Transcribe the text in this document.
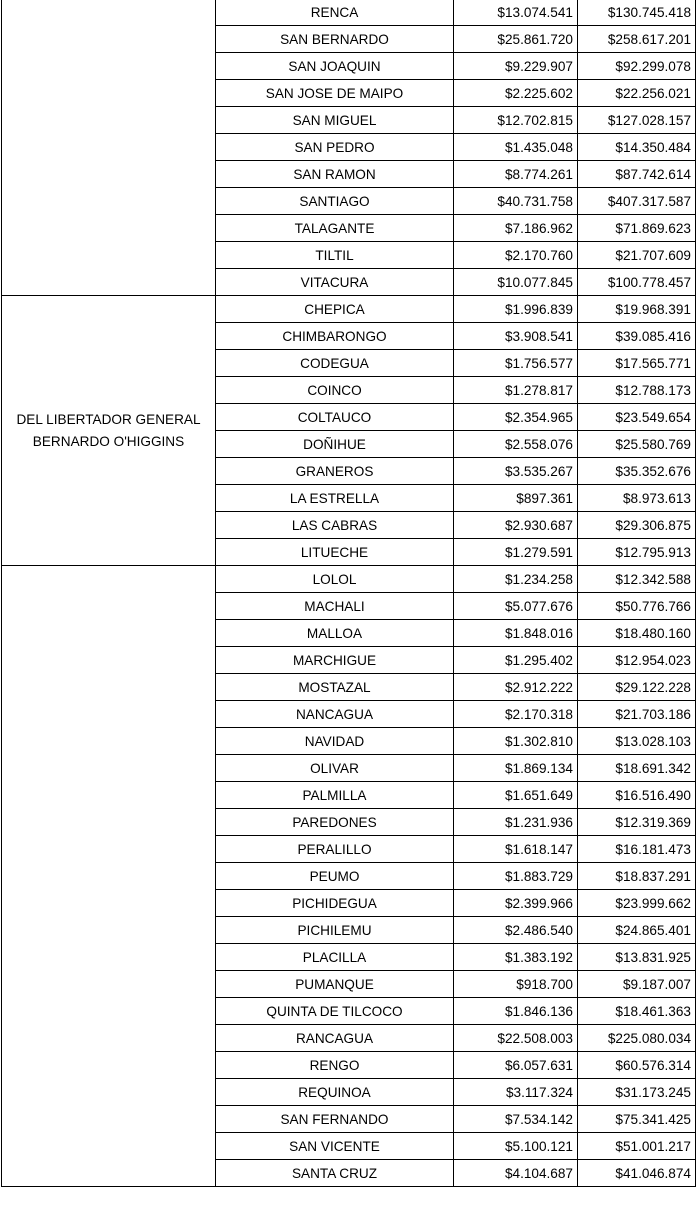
	RENCA	$13.074.541	$130.745.418
	SAN BERNARDO	$25.861.720	$258.617.201
	SAN JOAQUIN	$9.229.907	$92.299.078
	SAN JOSE DE MAIPO	$2.225.602	$22.256.021
	SAN MIGUEL	$12.702.815	$127.028.157
	SAN PEDRO	$1.435.048	$14.350.484
	SAN RAMON	$8.774.261	$87.742.614
	SANTIAGO	$40.731.758	$407.317.587
	TALAGANTE	$7.186.962	$71.869.623
	TILTIL	$2.170.760	$21.707.609
	VITACURA	$10.077.845	$100.778.457
DEL LIBERTADOR GENERAL BERNARDO O'HIGGINS	CHEPICA	$1.996.839	$19.968.391
	CHIMBARONGO	$3.908.541	$39.085.416
	CODEGUA	$1.756.577	$17.565.771
	COINCO	$1.278.817	$12.788.173
	COLTAUCO	$2.354.965	$23.549.654
	DOÑIHUE	$2.558.076	$25.580.769
	GRANEROS	$3.535.267	$35.352.676
	LA ESTRELLA	$897.361	$8.973.613
	LAS CABRAS	$2.930.687	$29.306.875
	LITUECHE	$1.279.591	$12.795.913
	LOLOL	$1.234.258	$12.342.588
	MACHALI	$5.077.676	$50.776.766
	MALLOA	$1.848.016	$18.480.160
	MARCHIGUE	$1.295.402	$12.954.023
	MOSTAZAL	$2.912.222	$29.122.228
	NANCAGUA	$2.170.318	$21.703.186
	NAVIDAD	$1.302.810	$13.028.103
	OLIVAR	$1.869.134	$18.691.342
	PALMILLA	$1.651.649	$16.516.490
	PAREDONES	$1.231.936	$12.319.369
	PERALILLO	$1.618.147	$16.181.473
	PEUMO	$1.883.729	$18.837.291
	PICHIDEGUA	$2.399.966	$23.999.662
	PICHILEMU	$2.486.540	$24.865.401
	PLACILLA	$1.383.192	$13.831.925
	PUMANQUE	$918.700	$9.187.007
	QUINTA DE TILCOCO	$1.846.136	$18.461.363
	RANCAGUA	$22.508.003	$225.080.034
	RENGO	$6.057.631	$60.576.314
	REQUINOA	$3.117.324	$31.173.245
	SAN FERNANDO	$7.534.142	$75.341.425
	SAN VICENTE	$5.100.121	$51.001.217
	SANTA CRUZ	$4.104.687	$41.046.874
